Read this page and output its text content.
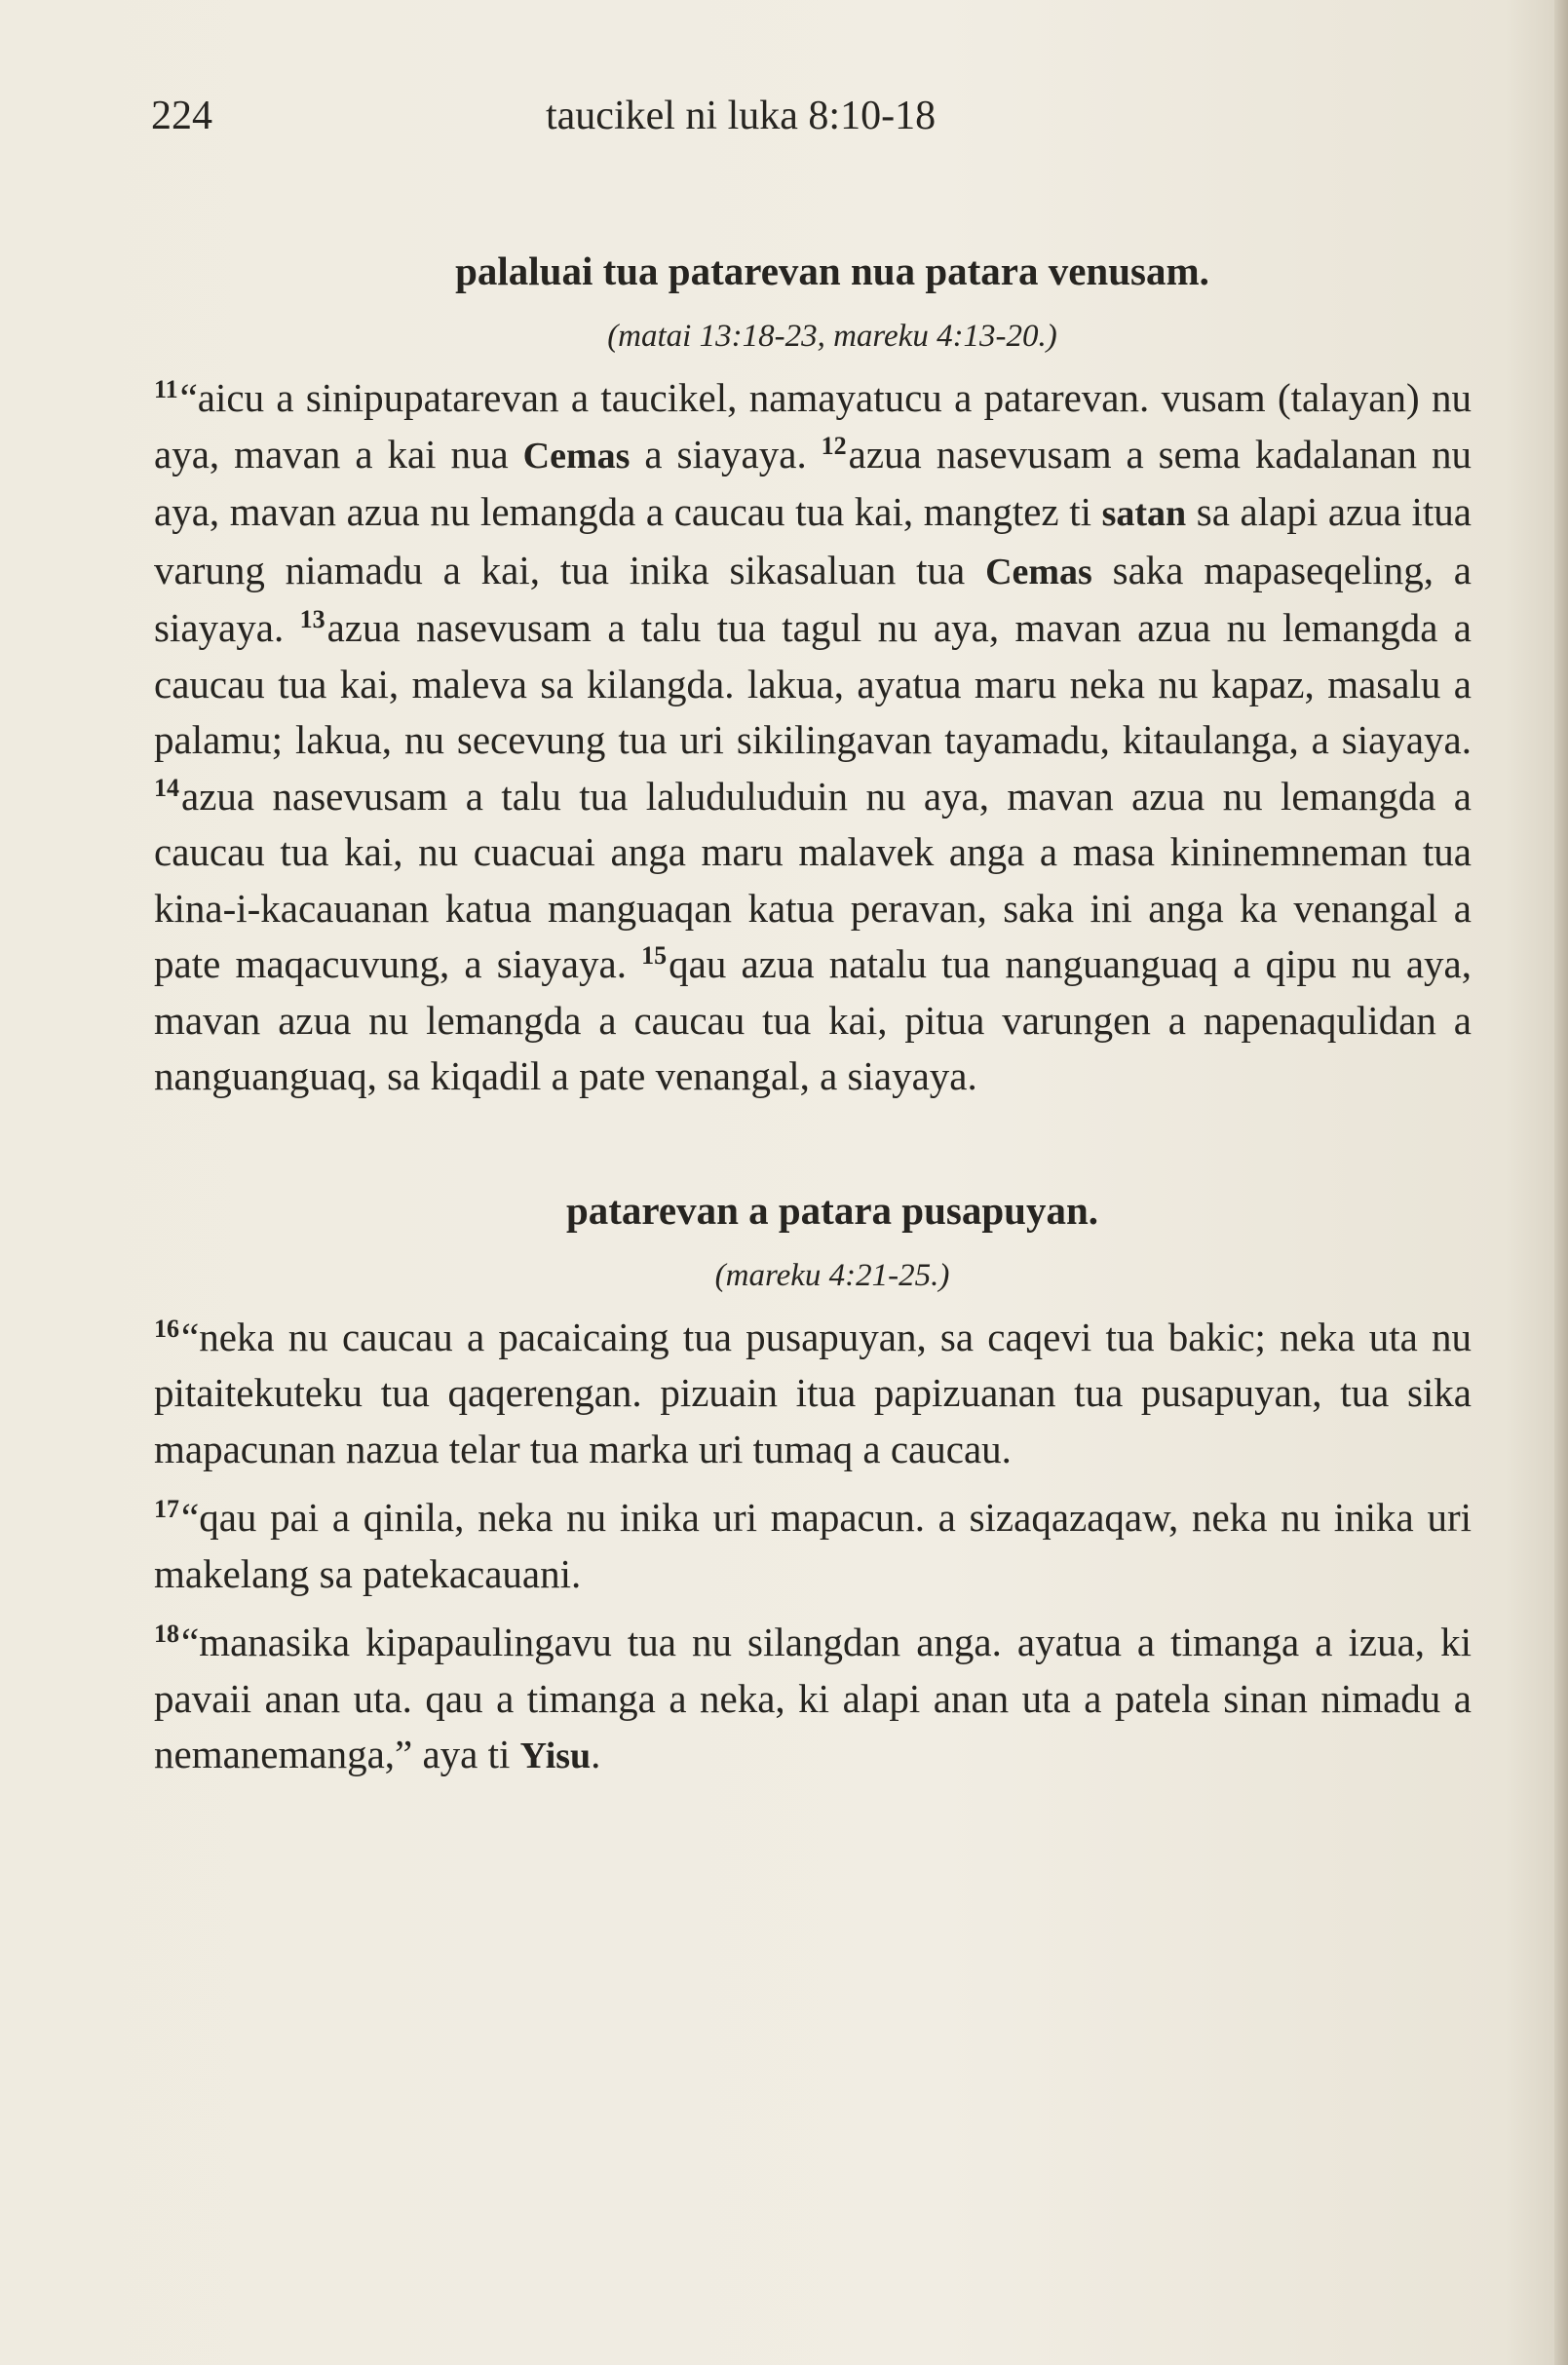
224	taucikel ni luka 8:10-18
palaluai tua patarevan nua patara venusam.
(matai 13:18-23, mareku 4:13-20.)

$^{11}$“aicu a sinipupatarevan a taucikel, namayatucu a patarevan. vusam (talayan) nu aya, mavan a kai nua Cemas a siayaya. $^{12}$azua nasevusam a sema kadalanan nu aya, mavan azua nu lemangda a caucau tua kai, mangtez ti satan sa alapi azua itua varung niamadu a kai, tua inika sikasaluan tua Cemas saka mapaseqeling, a siayaya. $^{13}$azua nasevusam a talu tua tagul nu aya, mavan azua nu lemangda a caucau tua kai, maleva sa kilangda. lakua, ayatua maru neka nu kapaz, masalu a palamu; lakua, nu secevung tua uri sikilingavan tayamadu, kitaulanga, a siayaya. $^{14}$azua nasevusam a talu tua laluduluduin nu aya, mavan azua nu lemangda a caucau tua kai, nu cuacuai anga maru malavek anga a masa kininemneman tua kina-i-kacauanan katua manguaqan katua peravan, saka ini anga ka venangal a pate maqacuvung, a siayaya. $^{15}$qau azua natalu tua nanguanguaq a qipu nu aya, mavan azua nu lemangda a caucau tua kai, pitua varungen a napenaqulidan a nanguanguaq, sa kiqadil a pate venangal, a siayaya.

patarevan a patara pusapuyan.
(mareku 4:21-25.)

$^{16}$“neka nu caucau a pacaicaing tua pusapuyan, sa caqevi tua bakic; neka uta nu pitaitekuteku tua qaqerengan. pizuain itua papizuanan tua pusapuyan, tua sika mapacunan nazua telar tua marka uri tumaq a caucau.

$^{17}$“qau pai a qinila, neka nu inika uri mapacun. a sizaqazaqaw, neka nu inika uri makelang sa patekacauani.

$^{18}$“manasika kipapaulingavu tua nu silangdan anga. ayatua a timanga a izua, ki pavaii anan uta. qau a timanga a neka, ki alapi anan uta a patela sinan nimadu a nemanemanga,” aya ti Yisu.
